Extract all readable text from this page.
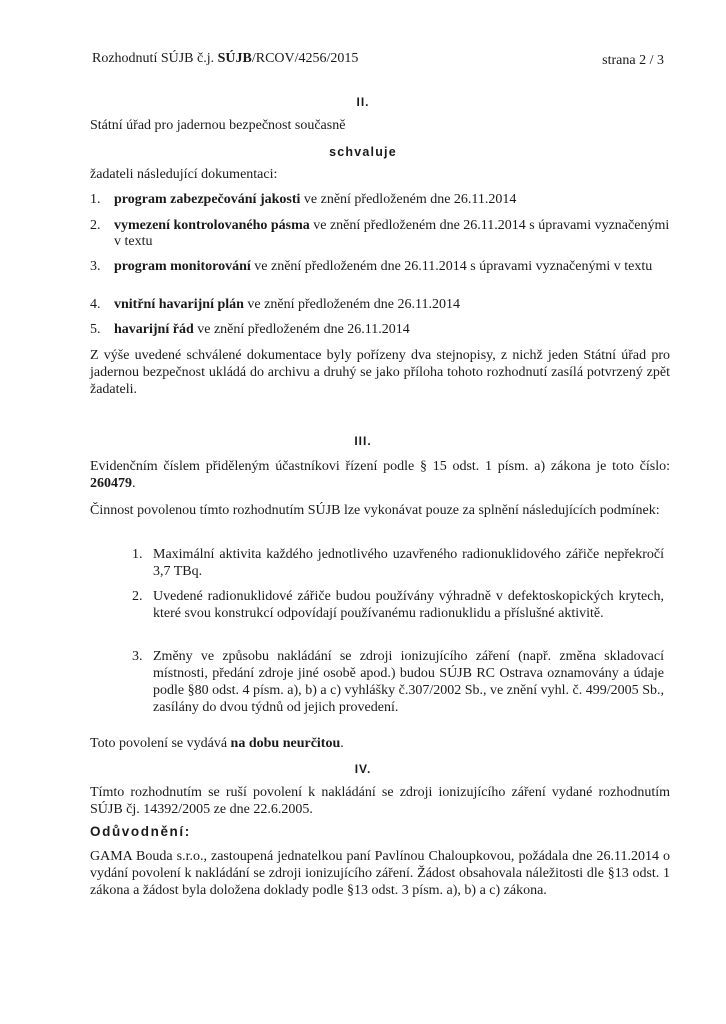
Rozhodnutí SÚJB č.j. SÚJB/RCOV/4256/2015	strana 2 / 3
II.
Státní úřad pro jadernou bezpečnost současně
schvaluje
žadateli následující dokumentaci:
1. program zabezpečování jakosti ve znění předloženém dne 26.11.2014
2. vymezení kontrolovaného pásma ve znění předloženém dne 26.11.2014 s úpravami vyznačenými v textu
3. program monitorování ve znění předloženém dne 26.11.2014 s úpravami vyznačenými v textu
4. vnitřní havarijní plán ve znění předloženém dne 26.11.2014
5. havarijní řád ve znění předloženém dne 26.11.2014
Z výše uvedené schválené dokumentace byly pořízeny dva stejnopisy, z nichž jeden Státní úřad pro jadernou bezpečnost ukládá do archivu a druhý se jako příloha tohoto rozhodnutí zasílá potvrzený zpět žadateli.
III.
Evidenčním číslem přiděleným účastníkovi řízení podle § 15 odst. 1 písm. a) zákona je toto číslo: 260479.
Činnost povolenou tímto rozhodnutím SÚJB lze vykonávat pouze za splnění následujících podmínek:
1. Maximální aktivita každého jednotlivého uzavřeného radionuklidového zářiče nepřekročí 3,7 TBq.
2. Uvedené radionuklidové zářiče budou používány výhradně v defektoskopických krytech, které svou konstrukcí odpovídají používanému radionuklidu a příslušné aktivitě.
3. Změny ve způsobu nakládání se zdroji ionizujícího záření (např. změna skladovací místnosti, předání zdroje jiné osobě apod.) budou SÚJB RC Ostrava oznamovány a údaje podle §80 odst. 4 písm. a), b) a c) vyhlášky č.307/2002 Sb., ve znění vyhl. č. 499/2005 Sb., zasílány do dvou týdnů od jejich provedení.
Toto povolení se vydává na dobu neurčitou.
IV.
Tímto rozhodnutím se ruší povolení k nakládání se zdroji ionizujícího záření vydané rozhodnutím SÚJB čj. 14392/2005 ze dne 22.6.2005.
Odůvodnění:
GAMA Bouda s.r.o., zastoupená jednatelkou paní Pavlínou Chaloupkovou, požádala dne 26.11.2014 o vydání povolení k nakládání se zdroji ionizujícího záření. Žádost obsahovala náležitosti dle §13 odst. 1 zákona a žádost byla doložena doklady podle §13 odst. 3 písm. a), b) a c) zákona.
